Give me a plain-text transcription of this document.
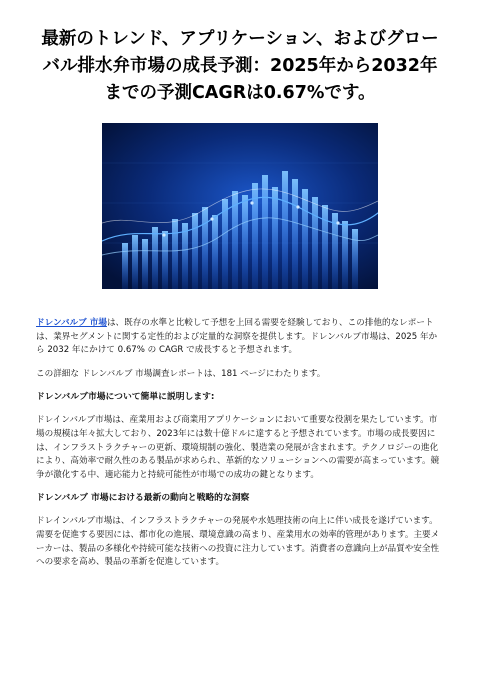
最新のトレンド、アプリケーション、およびグローバル排水弁市場の成長予測：2025年から2032年までの予測CAGRは0.67%です。

ドレンバルブ 市場は、既存の水準と比較して予想を上回る需要を経験しており、この排他的なレポートは、業界セグメントに関する定性的および定量的な洞察を提供します。ドレンバルブ市場は、2025 年から 2032 年にかけて 0.67% の CAGR で成長すると予想されます。

この詳細な ドレンバルブ 市場調査レポートは、181 ページにわたります。

ドレンバルブ市場について簡単に説明します:

ドレインバルブ市場は、産業用および商業用アプリケーションにおいて重要な役割を果たしています。市場の規模は年々拡大しており、2023年には数十億ドルに達すると予想されています。市場の成長要因には、インフラストラクチャーの更新、環境規制の強化、製造業の発展が含まれます。テクノロジーの進化により、高効率で耐久性のある製品が求められ、革新的なソリューションへの需要が高まっています。競争が激化する中、適応能力と持続可能性が市場での成功の鍵となります。

ドレンバルブ 市場における最新の動向と戦略的な洞察

ドレインバルブ市場は、インフラストラクチャーの発展や水処理技術の向上に伴い成長を遂げています。需要を促進する要因には、都市化の進展、環境意識の高まり、産業用水の効率的管理があります。主要メーカーは、製品の多様化や持続可能な技術への投資に注力しています。消費者の意識向上が品質や安全性への要求を高め、製品の革新を促進しています。
